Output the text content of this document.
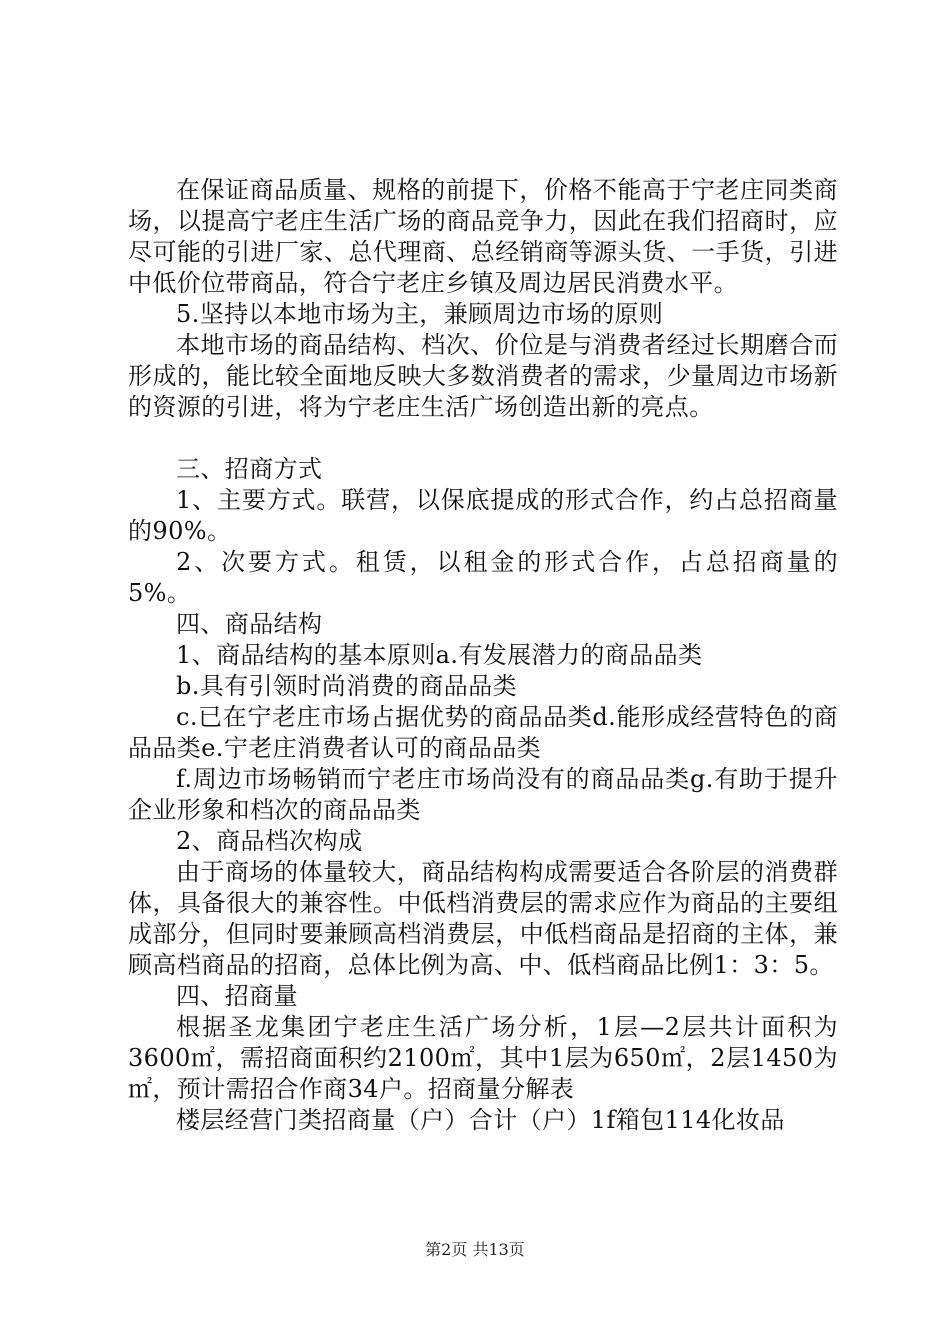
在保证商品质量、规格的前提下，价格不能高于宁老庄同类商场，以提高宁老庄生活广场的商品竞争力，因此在我们招商时，应尽可能的引进厂家、总代理商、总经销商等源头货、一手货，引进中低价位带商品，符合宁老庄乡镇及周边居民消费水平。

5.坚持以本地市场为主，兼顾周边市场的原则

本地市场的商品结构、档次、价位是与消费者经过长期磨合而形成的，能比较全面地反映大多数消费者的需求，少量周边市场新的资源的引进，将为宁老庄生活广场创造出新的亮点。

三、招商方式

1、主要方式。联营，以保底提成的形式合作，约占总招商量的90%。

2、次要方式。租赁，以租金的形式合作，占总招商量的5%。

四、商品结构

1、商品结构的基本原则a.有发展潜力的商品品类

b.具有引领时尚消费的商品品类

c.已在宁老庄市场占据优势的商品品类d.能形成经营特色的商品品类e.宁老庄消费者认可的商品品类

f.周边市场畅销而宁老庄市场尚没有的商品品类g.有助于提升企业形象和档次的商品品类

2、商品档次构成

由于商场的体量较大，商品结构构成需要适合各阶层的消费群体，具备很大的兼容性。中低档消费层的需求应作为商品的主要组成部分，但同时要兼顾高档消费层，中低档商品是招商的主体，兼顾高档商品的招商，总体比例为高、中、低档商品比例1：3：5。

四、招商量

根据圣龙集团宁老庄生活广场分析，1层—2层共计面积为3600㎡，需招商面积约2100㎡，其中1层为650㎡，2层1450为㎡，预计需招合作商34户。招商量分解表

楼层经营门类招商量（户）合计（户）1f箱包114化妆品

第2页 共13页
